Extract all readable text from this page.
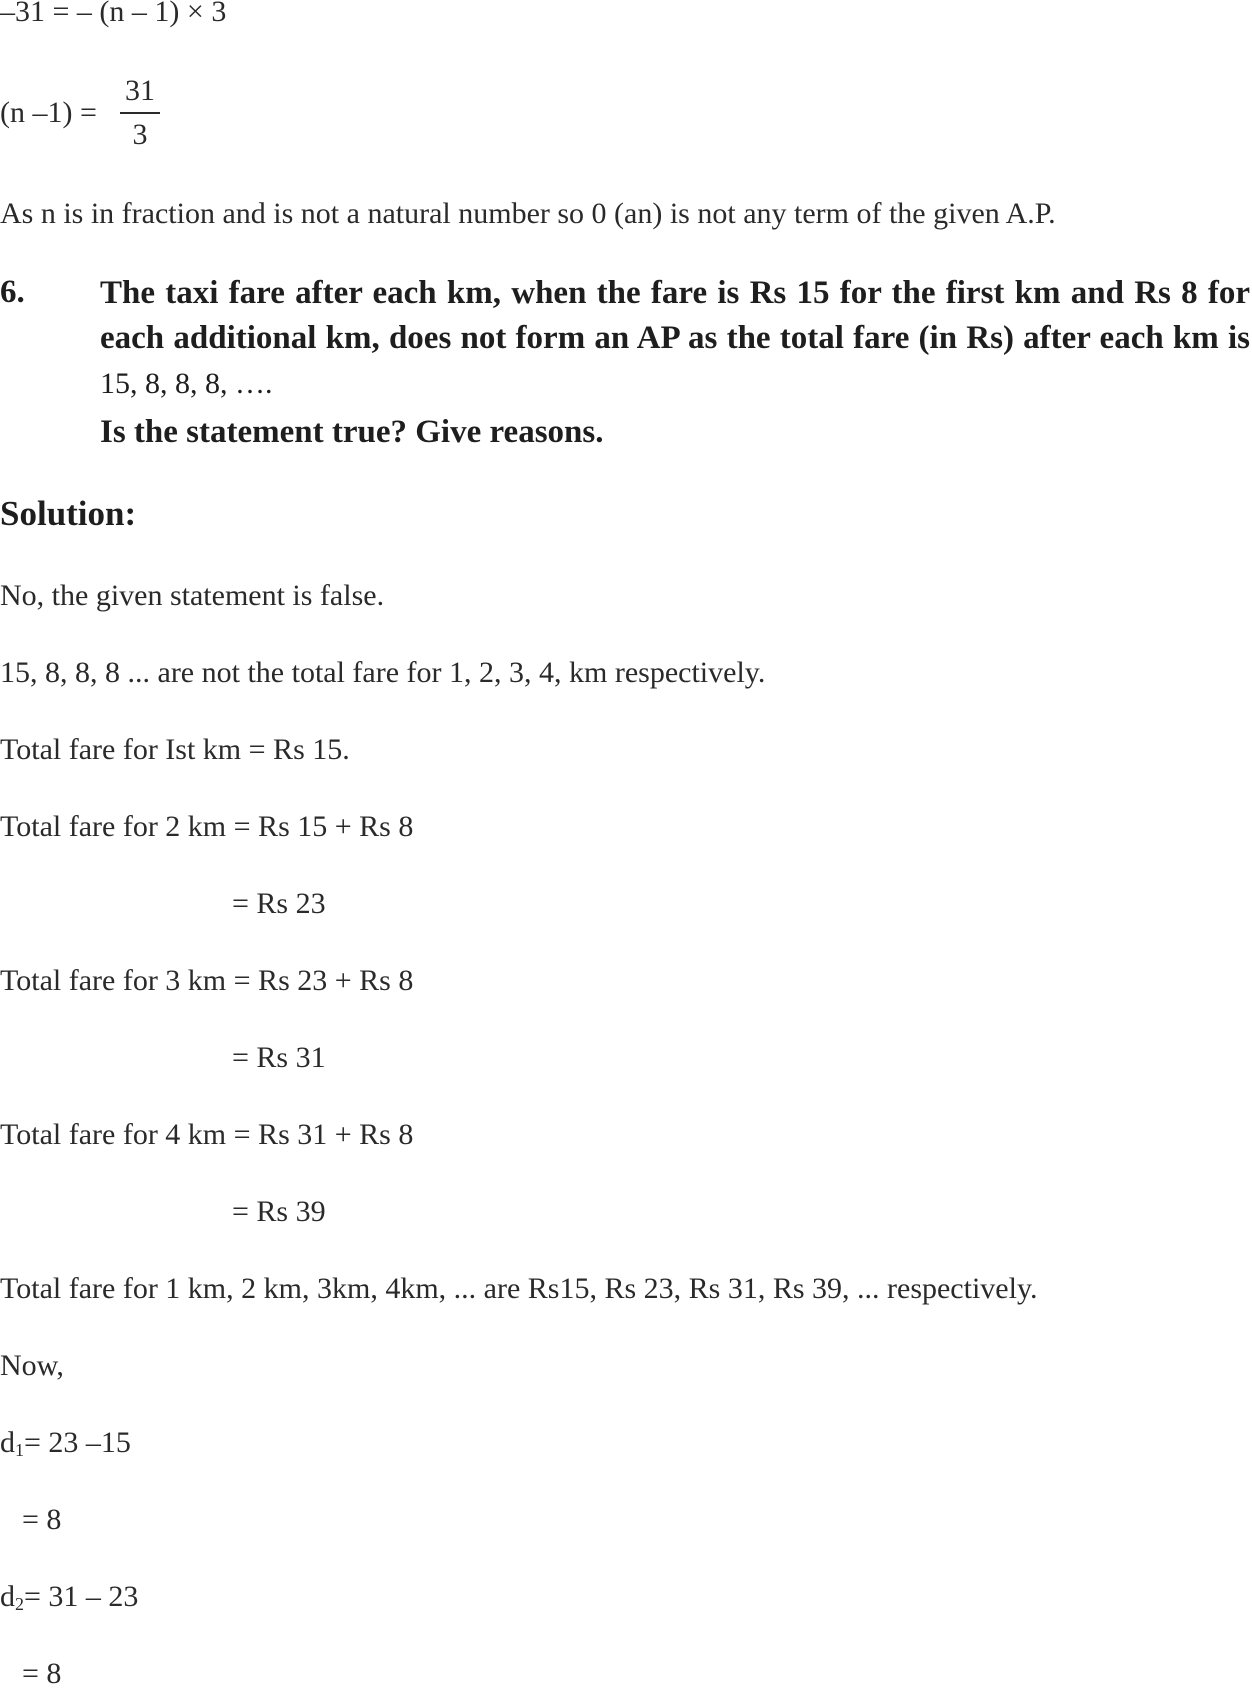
–31 = – (n – 1) × 3
(n –1) =
31
3
As n is in fraction and is not a natural number so 0 (an) is not any term of the given A.P.
6. The taxi fare after each km, when the fare is Rs 15 for the first km and Rs 8 for each additional km, does not form an AP as the total fare (in Rs) after each km is 15, 8, 8, 8, ….

Is the statement true? Give reasons.

Solution:
No, the given statement is false.
15, 8, 8, 8 ... are not the total fare for 1, 2, 3, 4, km respectively.
Total fare for Ist km = Rs 15.
Total fare for 2 km = Rs 15 + Rs 8
= Rs 23
Total fare for 3 km = Rs 23 + Rs 8
= Rs 31
Total fare for 4 km = Rs 31 + Rs 8
= Rs 39
Total fare for 1 km, 2 km, 3km, 4km, ... are Rs15, Rs 23, Rs 31, Rs 39, ... respectively.
Now,
$d_1= 23$ –15
= 8
$d_2= 31 - 23$
= 8
